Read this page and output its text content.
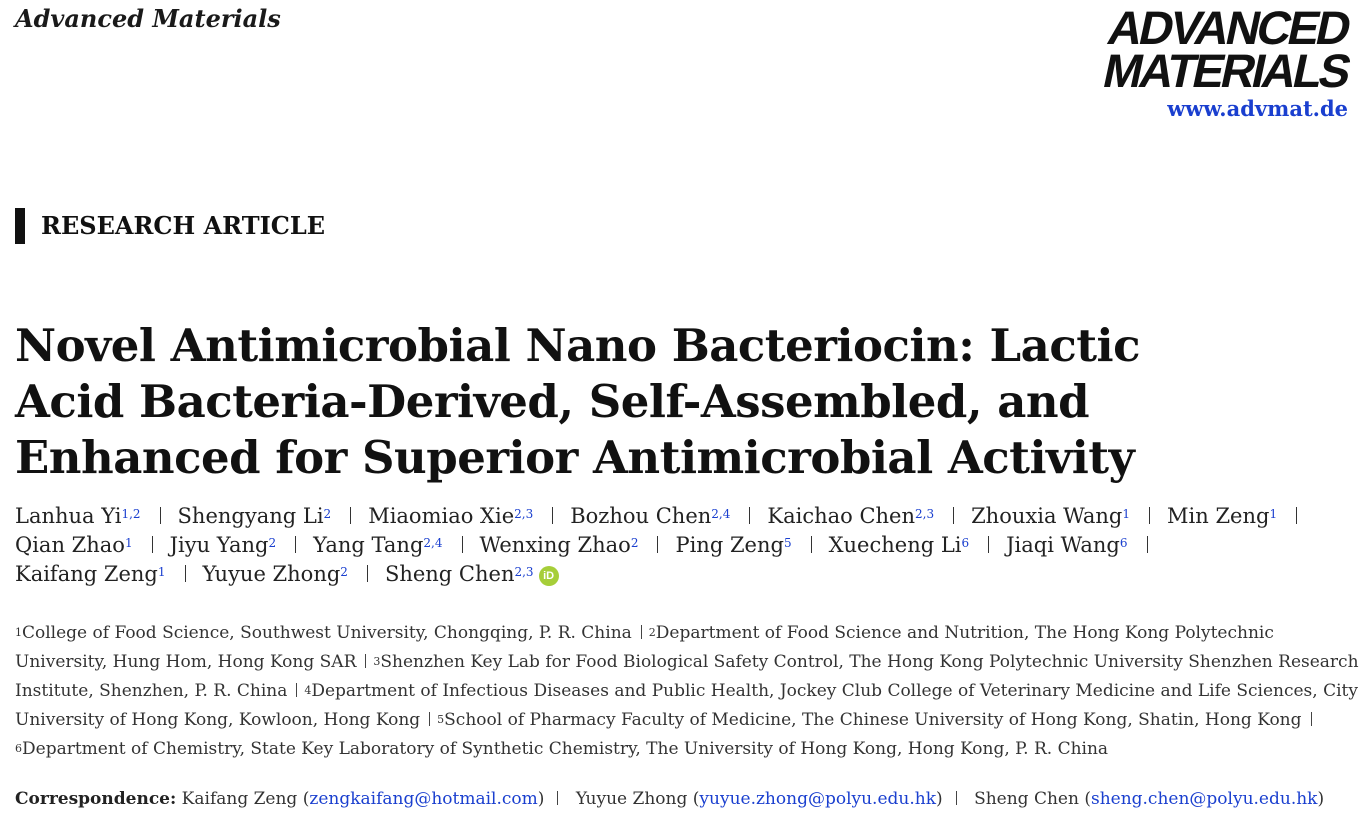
Advanced Materials	ADVANCED
MATERIALS
www.advmat.de
RESEARCH ARTICLE
Novel Antimicrobial Nano Bacteriocin: Lactic Acid Bacteria-Derived, Self-Assembled, and Enhanced for Superior Antimicrobial Activity
Lanhua Yi$^{1,2}$ Shengyang Li$^2$ Miaomiao Xie$^{2,3}$ Bozhou Chen$^{2,4}$ Kaichao Chen$^{2,3}$ Zhouxia Wang$^1$ Min Zeng$^1$
Qian Zhao$^1$ Jiyu Yang$^2$ Yang Tang$^{2,4}$ Wenxing Zhao$^2$ Ping Zeng$^5$ Xuecheng Li$^6$ Jiaqi Wang$^6$
Kaifang Zeng$^1$ Yuyue Zhong$^2$ Sheng Chen$^{2,3}$ iD
$^1$College of Food Science, Southwest University, Chongqing, P. R. China $^2$Department of Food Science and Nutrition, The Hong Kong Polytechnic University, Hung Hom, Hong Kong SAR $^3$Shenzhen Key Lab for Food Biological Safety Control, The Hong Kong Polytechnic University Shenzhen Research Institute, Shenzhen, P. R. China $^4$Department of Infectious Diseases and Public Health, Jockey Club College of Veterinary Medicine and Life Sciences, City University of Hong Kong, Kowloon, Hong Kong $^5$School of Pharmacy Faculty of Medicine, The Chinese University of Hong Kong, Shatin, Hong Kong$^6$Department of Chemistry, State Key Laboratory of Synthetic Chemistry, The University of Hong Kong, Hong Kong, P. R. China
Correspondence: Kaifang Zeng (zengkaifang@hotmail.com) Yuyue Zhong (yuyue.zhong@polyu.edu.hk) Sheng Chen (sheng.chen@polyu.edu.hk)
